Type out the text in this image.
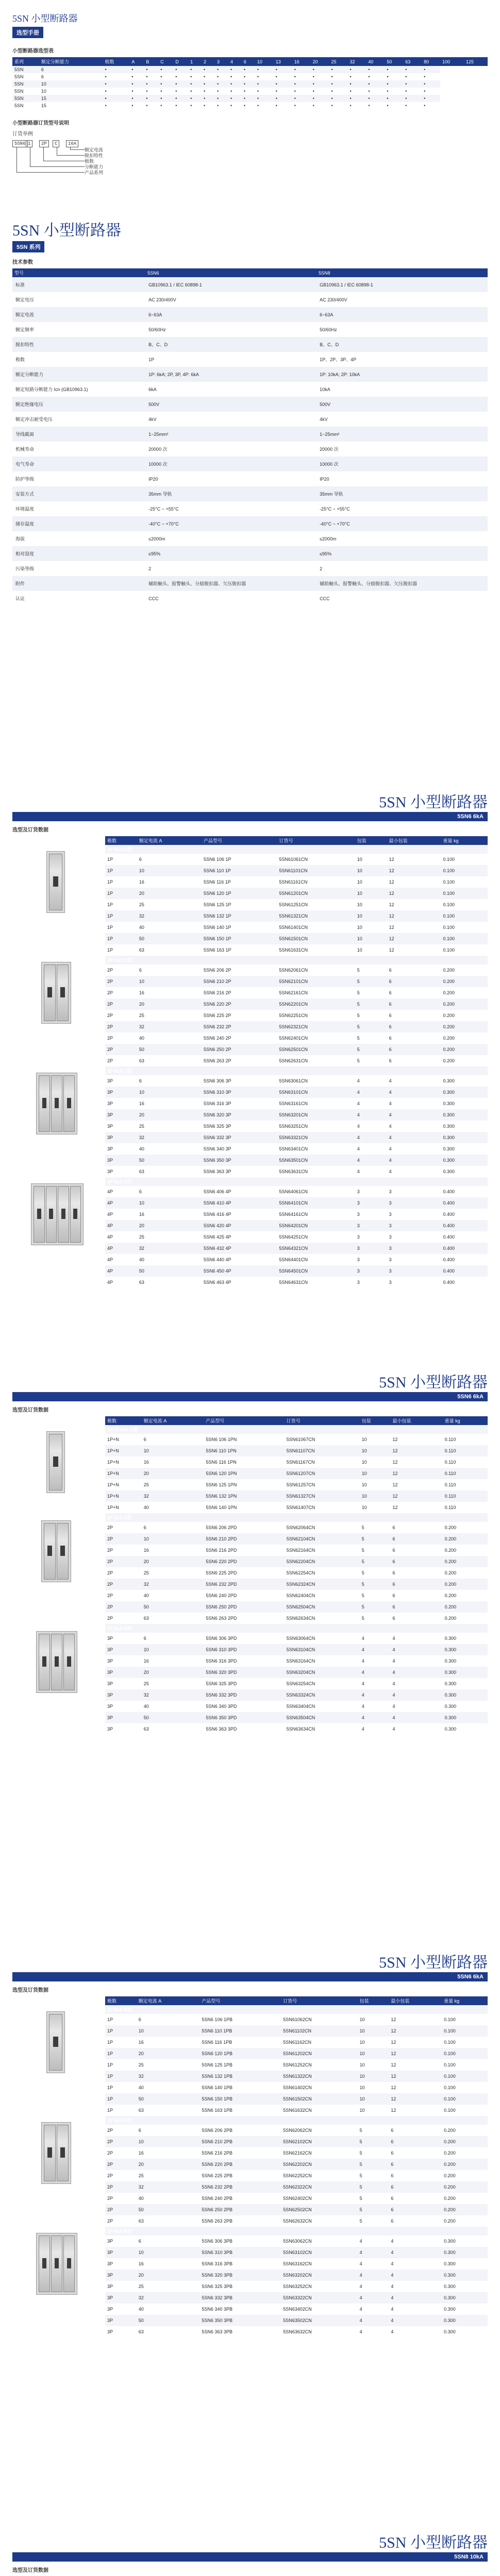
5SN 小型断路器
选型手册
小型断路器选型表
系列	额定分断能力	极数	A	B	C	D	1	2	3	4	6	10	13	16	20	25	32	40	50	63	80	100	125
5SN	6	•	•	•	•	•	•	•	•	•	•	•	•	•	•	•	•	•	•	•	•		
5SN	6	•	•	•	•	•	•	•	•	•	•	•	•	•	•	•	•	•	•	•	•		
5SN	10	•	•	•	•	•	•	•	•	•	•	•	•	•	•	•	•	•	•	•	•		
5SN	10	•	•	•	•	•	•	•	•	•	•	•	•	•	•	•	•	•	•	•	•		
5SN	15	•	•	•	•	•	•	•	•	•	•	•	•	•	•	•	•	•	•	•	•		
5SN	15	•	•	•	•	•	•	•	•	•	•	•	•	•	•	•	•	•	•	•	•		
小型断路器订货型号说明
订货举例
5SN6 1	2P	C	16A
额定电流
脱扣特性
极数
分断能力
产品系列
5SN 小型断路器
5SN 系列
技术参数
型号	5SN6	5SN8
标准	GB10963.1 / IEC 60898-1	GB10963.1 / IEC 60898-1
额定电压	AC 230/400V	AC 230/400V
额定电流	6~63A	6~63A
额定频率	50/60Hz	50/60Hz
脱扣特性	B、C、D	B、C、D
极数	1P	1P、2P、3P、4P
额定分断能力	1P: 6kA; 2P, 3P, 4P: 6kA	1P: 10kA; 2P: 10kA
额定短路分断能力 Icn (GB10963.1)	6kA	10kA
额定绝缘电压	500V	500V
额定冲击耐受电压	4kV	4kV
导线截面	1~25mm²	1~25mm²
机械寿命	20000 次	20000 次
电气寿命	10000 次	10000 次
防护等级	IP20	IP20
安装方式	35mm 导轨	35mm 导轨
环境温度	-25°C ~ +55°C	-25°C ~ +55°C
储存温度	-40°C ~ +70°C	-40°C ~ +70°C
海拔	≤2000m	≤2000m
相对湿度	≤95%	≤95%
污染等级	2	2
附件	辅助触头、报警触头、分励脱扣器、欠压脱扣器	辅助触头、报警触头、分励脱扣器、欠压脱扣器
认证	CCC	CCC
5SN 小型断路器
5SN6 6kA
选型及订货数据
极数	额定电流 A	产品型号	订货号	包装	最小包装	重量 kg
1P 6kA C型						
1P	6	5SN6 106 1P	5SN61061CN	10	12	0.100
1P	10	5SN6 110 1P	5SN61101CN	10	12	0.100
1P	16	5SN6 116 1P	5SN61161CN	10	12	0.100
1P	20	5SN6 120 1P	5SN61201CN	10	12	0.100
1P	25	5SN6 125 1P	5SN61251CN	10	12	0.100
1P	32	5SN6 132 1P	5SN61321CN	10	12	0.100
1P	40	5SN6 140 1P	5SN61401CN	10	12	0.100
1P	50	5SN6 150 1P	5SN61501CN	10	12	0.100
1P	63	5SN6 163 1P	5SN61631CN	10	12	0.100
2P 6kA C型						
2P	6	5SN6 206 2P	5SN62061CN	5	6	0.200
2P	10	5SN6 210 2P	5SN62101CN	5	6	0.200
2P	16	5SN6 216 2P	5SN62161CN	5	6	0.200
2P	20	5SN6 220 2P	5SN62201CN	5	6	0.200
2P	25	5SN6 225 2P	5SN62251CN	5	6	0.200
2P	32	5SN6 232 2P	5SN62321CN	5	6	0.200
2P	40	5SN6 240 2P	5SN62401CN	5	6	0.200
2P	50	5SN6 250 2P	5SN62501CN	5	6	0.200
2P	63	5SN6 263 2P	5SN62631CN	5	6	0.200
3P 6kA C型						
3P	6	5SN6 306 3P	5SN63061CN	4	4	0.300
3P	10	5SN6 310 3P	5SN63101CN	4	4	0.300
3P	16	5SN6 316 3P	5SN63161CN	4	4	0.300
3P	20	5SN6 320 3P	5SN63201CN	4	4	0.300
3P	25	5SN6 325 3P	5SN63251CN	4	4	0.300
3P	32	5SN6 332 3P	5SN63321CN	4	4	0.300
3P	40	5SN6 340 3P	5SN63401CN	4	4	0.300
3P	50	5SN6 350 3P	5SN63501CN	4	4	0.300
3P	63	5SN6 363 3P	5SN63631CN	4	4	0.300
4P 6kA C型						
4P	6	5SN6 406 4P	5SN64061CN	3	3	0.400
4P	10	5SN6 410 4P	5SN64101CN	3	3	0.400
4P	16	5SN6 416 4P	5SN64161CN	3	3	0.400
4P	20	5SN6 420 4P	5SN64201CN	3	3	0.400
4P	25	5SN6 425 4P	5SN64251CN	3	3	0.400
4P	32	5SN6 432 4P	5SN64321CN	3	3	0.400
4P	40	5SN6 440 4P	5SN64401CN	3	3	0.400
4P	50	5SN6 450 4P	5SN64501CN	3	3	0.400
4P	63	5SN6 463 4P	5SN64631CN	3	3	0.400
5SN 小型断路器
5SN6 6kA
选型及订货数据
极数	额定电流 A	产品型号	订货号	包装	最小包装	重量 kg
1P+N 6kA C型						
1P+N	6	5SN6 106 1PN	5SN61067CN	10	12	0.110
1P+N	10	5SN6 110 1PN	5SN61107CN	10	12	0.110
1P+N	16	5SN6 116 1PN	5SN61167CN	10	12	0.110
1P+N	20	5SN6 120 1PN	5SN61207CN	10	12	0.110
1P+N	25	5SN6 125 1PN	5SN61257CN	10	12	0.110
1P+N	32	5SN6 132 1PN	5SN61327CN	10	12	0.110
1P+N	40	5SN6 140 1PN	5SN61407CN	10	12	0.110
2P 6kA D型						
2P	6	5SN6 206 2PD	5SN62064CN	5	6	0.200
2P	10	5SN6 210 2PD	5SN62104CN	5	6	0.200
2P	16	5SN6 216 2PD	5SN62164CN	5	6	0.200
2P	20	5SN6 220 2PD	5SN62204CN	5	6	0.200
2P	25	5SN6 225 2PD	5SN62254CN	5	6	0.200
2P	32	5SN6 232 2PD	5SN62324CN	5	6	0.200
2P	40	5SN6 240 2PD	5SN62404CN	5	6	0.200
2P	50	5SN6 250 2PD	5SN62504CN	5	6	0.200
2P	63	5SN6 263 2PD	5SN62634CN	5	6	0.200
3P 6kA D型						
3P	6	5SN6 306 3PD	5SN63064CN	4	4	0.300
3P	10	5SN6 310 3PD	5SN63104CN	4	4	0.300
3P	16	5SN6 316 3PD	5SN63164CN	4	4	0.300
3P	20	5SN6 320 3PD	5SN63204CN	4	4	0.300
3P	25	5SN6 325 3PD	5SN63254CN	4	4	0.300
3P	32	5SN6 332 3PD	5SN63324CN	4	4	0.300
3P	40	5SN6 340 3PD	5SN63404CN	4	4	0.300
3P	50	5SN6 350 3PD	5SN63504CN	4	4	0.300
3P	63	5SN6 363 3PD	5SN63634CN	4	4	0.300
5SN 小型断路器
5SN6 6kA
选型及订货数据
极数	额定电流 A	产品型号	订货号	包装	最小包装	重量 kg
1P 6kA B型						
1P	6	5SN6 106 1PB	5SN61062CN	10	12	0.100
1P	10	5SN6 110 1PB	5SN61102CN	10	12	0.100
1P	16	5SN6 116 1PB	5SN61162CN	10	12	0.100
1P	20	5SN6 120 1PB	5SN61202CN	10	12	0.100
1P	25	5SN6 125 1PB	5SN61252CN	10	12	0.100
1P	32	5SN6 132 1PB	5SN61322CN	10	12	0.100
1P	40	5SN6 140 1PB	5SN61402CN	10	12	0.100
1P	50	5SN6 150 1PB	5SN61502CN	10	12	0.100
1P	63	5SN6 163 1PB	5SN61632CN	10	12	0.100
2P 6kA B型						
2P	6	5SN6 206 2PB	5SN62062CN	5	6	0.200
2P	10	5SN6 210 2PB	5SN62102CN	5	6	0.200
2P	16	5SN6 216 2PB	5SN62162CN	5	6	0.200
2P	20	5SN6 220 2PB	5SN62202CN	5	6	0.200
2P	25	5SN6 225 2PB	5SN62252CN	5	6	0.200
2P	32	5SN6 232 2PB	5SN62322CN	5	6	0.200
2P	40	5SN6 240 2PB	5SN62402CN	5	6	0.200
2P	50	5SN6 250 2PB	5SN62502CN	5	6	0.200
2P	63	5SN6 263 2PB	5SN62632CN	5	6	0.200
3P 6kA B型						
3P	6	5SN6 306 3PB	5SN63062CN	4	4	0.300
3P	10	5SN6 310 3PB	5SN63102CN	4	4	0.300
3P	16	5SN6 316 3PB	5SN63162CN	4	4	0.300
3P	20	5SN6 320 3PB	5SN63202CN	4	4	0.300
3P	25	5SN6 325 3PB	5SN63252CN	4	4	0.300
3P	32	5SN6 332 3PB	5SN63322CN	4	4	0.300
3P	40	5SN6 340 3PB	5SN63402CN	4	4	0.300
3P	50	5SN6 350 3PB	5SN63502CN	4	4	0.300
3P	63	5SN6 363 3PB	5SN63632CN	4	4	0.300
5SN 小型断路器
5SN8 10kA
选型及订货数据
